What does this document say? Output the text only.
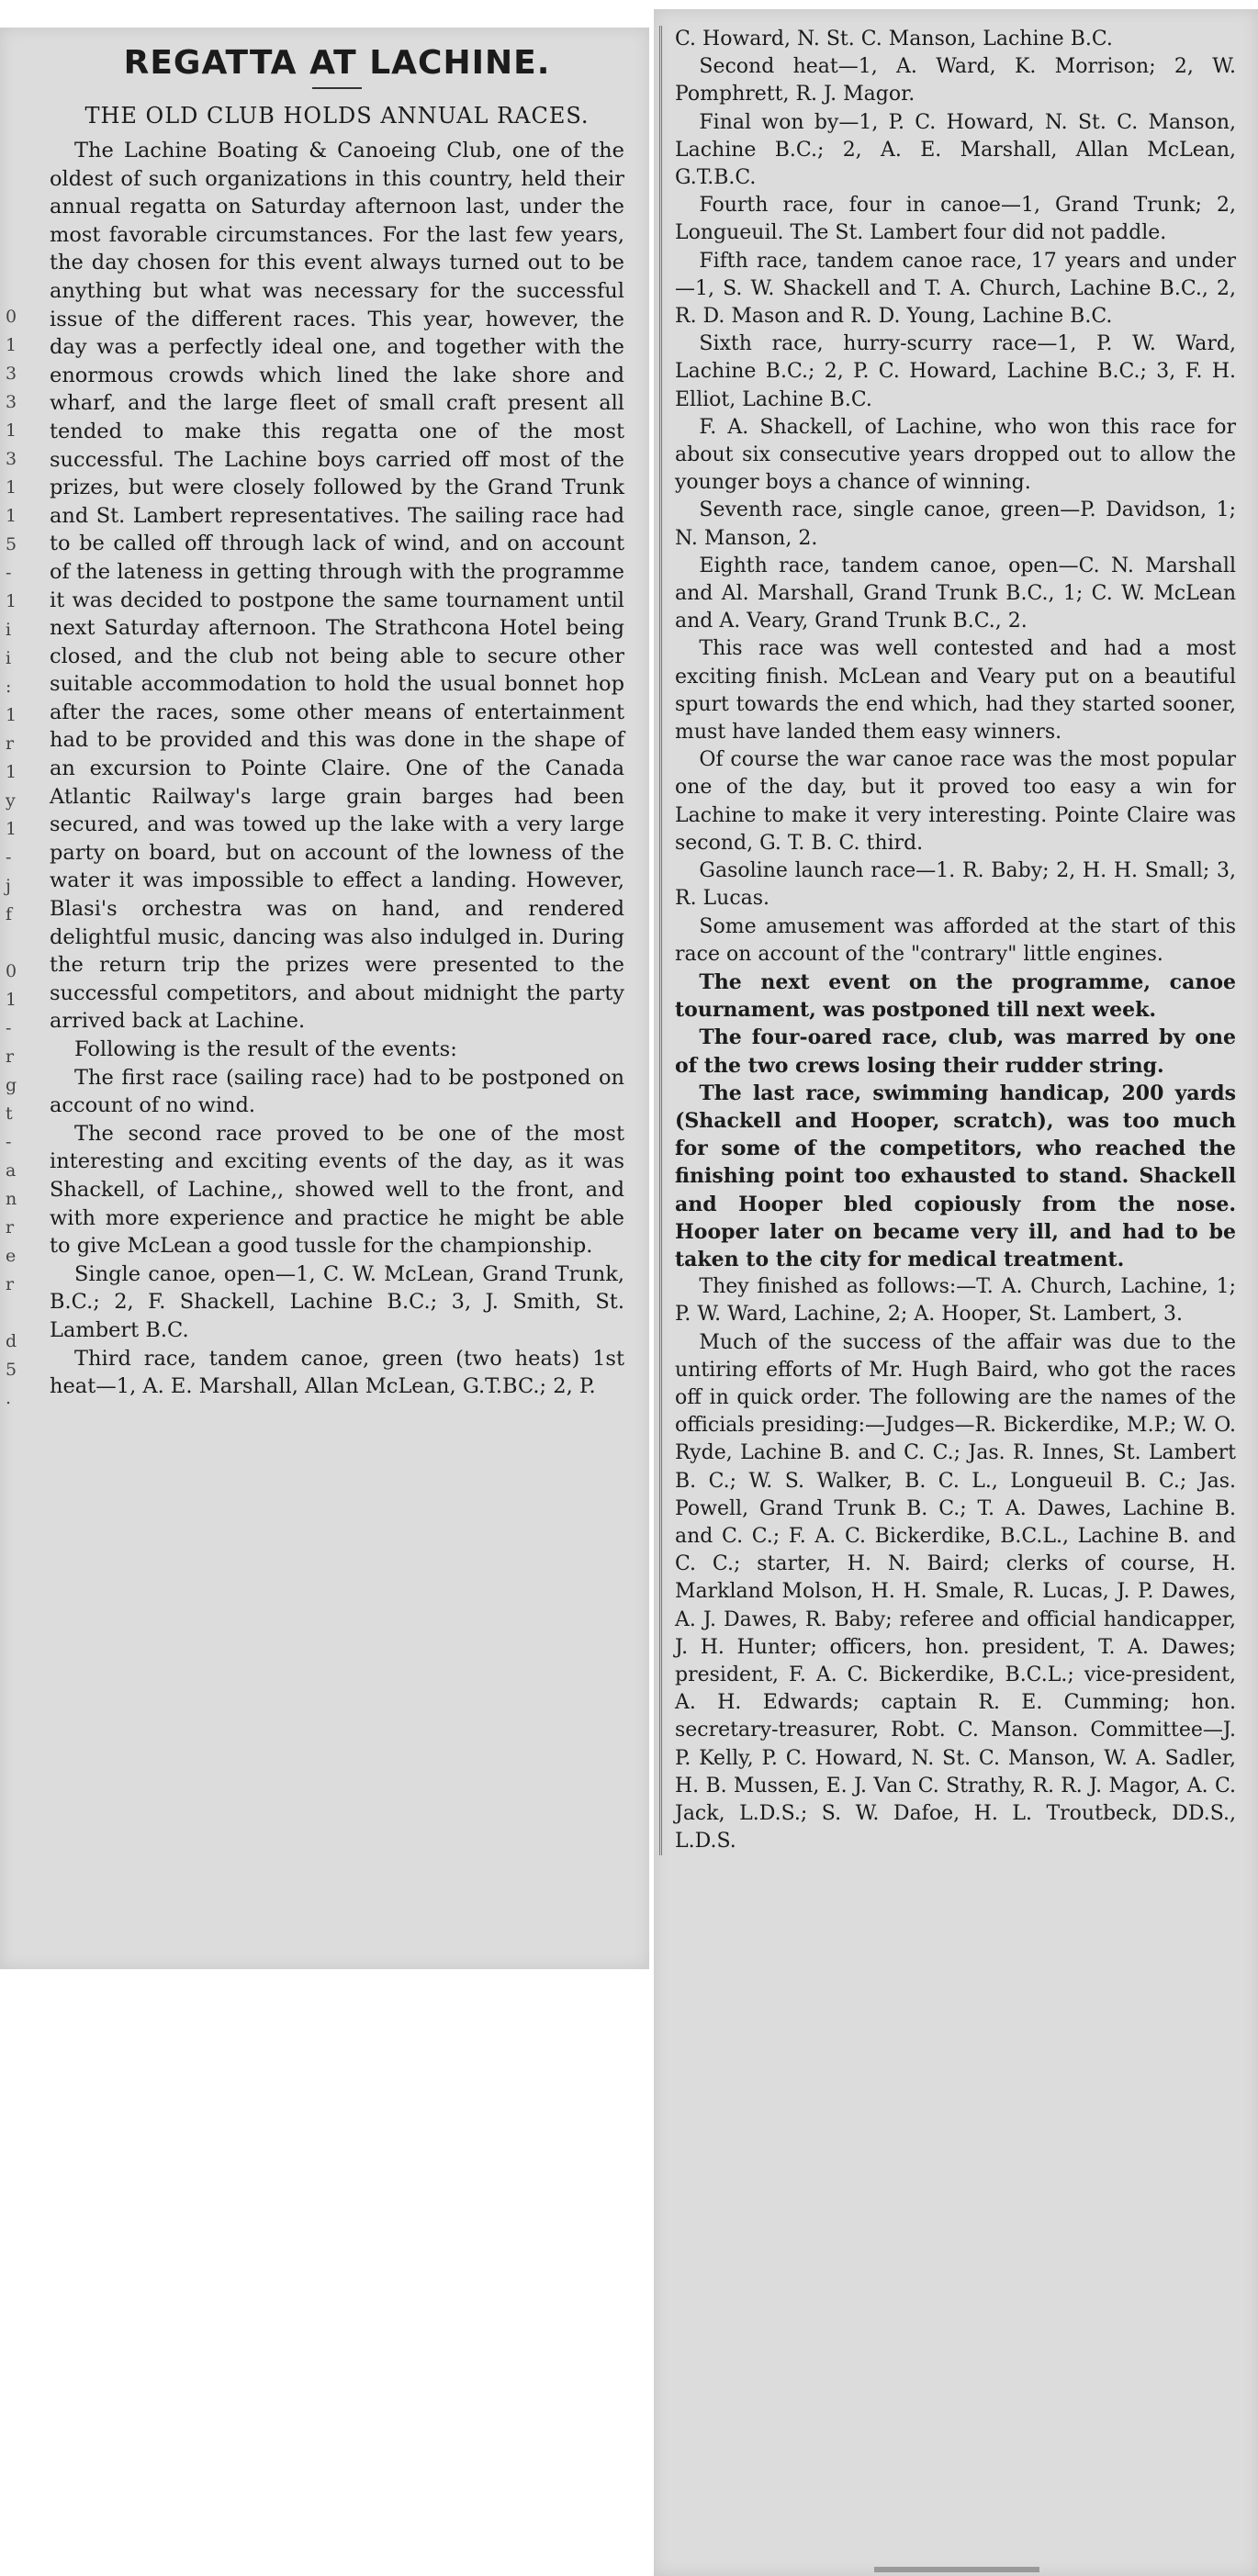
0
1
3
3
1
3
1
1
5
-
1
i
i
:
1
r
1
y
1
-
j
f
0
1
-
r
g
t
-
a
n
r
e
r
d
5
.
REGATTA AT LACHINE.
THE OLD CLUB HOLDS ANNUAL RACES.

The Lachine Boating & Canoeing Club, one of the oldest of such organizations in this country, held their annual regatta on Saturday afternoon last, under the most favorable circumstances. For the last few years, the day chosen for this event always turned out to be anything but what was necessary for the successful issue of the different races. This year, however, the day was a perfectly ideal one, and together with the enormous crowds which lined the lake shore and wharf, and the large fleet of small craft present all tended to make this regatta one of the most successful. The Lachine boys carried off most of the prizes, but were closely followed by the Grand Trunk and St. Lambert representatives. The sailing race had to be called off through lack of wind, and on account of the lateness in getting through with the programme it was decided to postpone the same tournament until next Saturday afternoon. The Strathcona Hotel being closed, and the club not being able to secure other suitable accommodation to hold the usual bonnet hop after the races, some other means of entertainment had to be provided and this was done in the shape of an excursion to Pointe Claire. One of the Canada Atlantic Railway's large grain barges had been secured, and was towed up the lake with a very large party on board, but on account of the lowness of the water it was impossible to effect a landing. However, Blasi's orchestra was on hand, and rendered delightful music, dancing was also indulged in. During the return trip the prizes were presented to the successful competitors, and about midnight the party arrived back at Lachine.

Following is the result of the events:

The first race (sailing race) had to be postponed on account of no wind.

The second race proved to be one of the most interesting and exciting events of the day, as it was Shackell, of Lachine,, showed well to the front, and with more experience and practice he might be able to give McLean a good tussle for the championship.

Single canoe, open—1, C. W. McLean, Grand Trunk, B.C.; 2, F. Shackell, Lachine B.C.; 3, J. Smith, St. Lambert B.C.

Third race, tandem canoe, green (two heats) 1st heat—1, A. E. Marshall, Allan McLean, G.T.BC.; 2, P.

C. Howard, N. St. C. Manson, Lachine B.C.

Second heat—1, A. Ward, K. Morrison; 2, W. Pomphrett, R. J. Magor.

Final won by—1, P. C. Howard, N. St. C. Manson, Lachine B.C.; 2, A. E. Marshall, Allan McLean, G.T.B.C.

Fourth race, four in canoe—1, Grand Trunk; 2, Longueuil. The St. Lambert four did not paddle.

Fifth race, tandem canoe race, 17 years and under—1, S. W. Shackell and T. A. Church, Lachine B.C., 2, R. D. Mason and R. D. Young, Lachine B.C.

Sixth race, hurry-scurry race—1, P. W. Ward, Lachine B.C.; 2, P. C. Howard, Lachine B.C.; 3, F. H. Elliot, Lachine B.C.

F. A. Shackell, of Lachine, who won this race for about six consecutive years dropped out to allow the younger boys a chance of winning.

Seventh race, single canoe, green—P. Davidson, 1; N. Manson, 2.

Eighth race, tandem canoe, open—C. N. Marshall and Al. Marshall, Grand Trunk B.C., 1; C. W. McLean and A. Veary, Grand Trunk B.C., 2.

This race was well contested and had a most exciting finish. McLean and Veary put on a beautiful spurt towards the end which, had they started sooner, must have landed them easy winners.

Of course the war canoe race was the most popular one of the day, but it proved too easy a win for Lachine to make it very interesting. Pointe Claire was second, G. T. B. C. third.

Gasoline launch race—1. R. Baby; 2, H. H. Small; 3, R. Lucas.

Some amusement was afforded at the start of this race on account of the "contrary" little engines.

The next event on the programme, canoe tournament, was postponed till next week.

The four-oared race, club, was marred by one of the two crews losing their rudder string.

The last race, swimming handicap, 200 yards (Shackell and Hooper, scratch), was too much for some of the competitors, who reached the finishing point too exhausted to stand. Shackell and Hooper bled copiously from the nose. Hooper later on became very ill, and had to be taken to the city for medical treatment.

They finished as follows:—T. A. Church, Lachine, 1; P. W. Ward, Lachine, 2; A. Hooper, St. Lambert, 3.

Much of the success of the affair was due to the untiring efforts of Mr. Hugh Baird, who got the races off in quick order. The following are the names of the officials presiding:—Judges—R. Bickerdike, M.P.; W. O. Ryde, Lachine B. and C. C.; Jas. R. Innes, St. Lambert B. C.; W. S. Walker, B. C. L., Longueuil B. C.; Jas. Powell, Grand Trunk B. C.; T. A. Dawes, Lachine B. and C. C.; F. A. C. Bickerdike, B.C.L., Lachine B. and C. C.; starter, H. N. Baird; clerks of course, H. Markland Molson, H. H. Smale, R. Lucas, J. P. Dawes, A. J. Dawes, R. Baby; referee and official handicapper, J. H. Hunter; officers, hon. president, T. A. Dawes; president, F. A. C. Bickerdike, B.C.L.; vice-president, A. H. Edwards; captain R. E. Cumming; hon. secretary-treasurer, Robt. C. Manson. Committee—J. P. Kelly, P. C. Howard, N. St. C. Manson, W. A. Sadler, H. B. Mussen, E. J. Van C. Strathy, R. R. J. Magor, A. C. Jack, L.D.S.; S. W. Dafoe, H. L. Troutbeck, DD.S., L.D.S.
